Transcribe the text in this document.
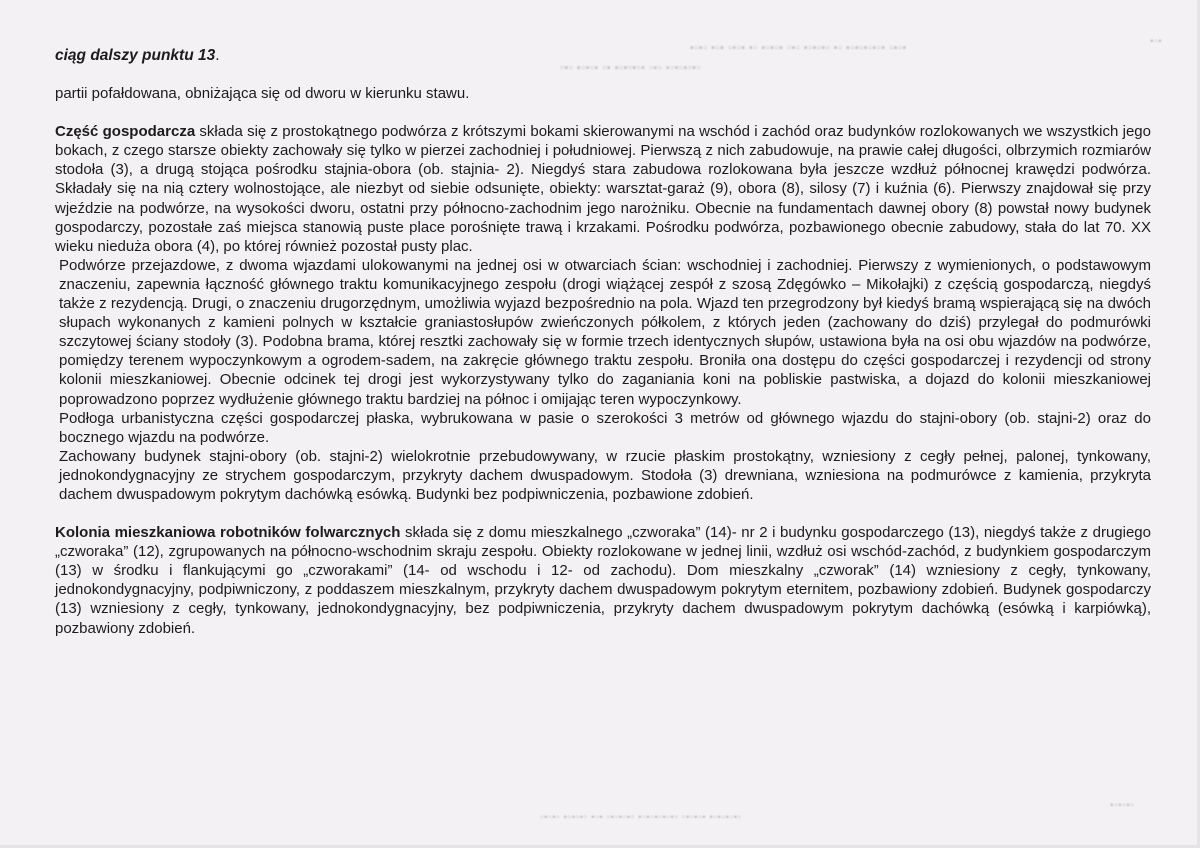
▪▫▪▫ ▪▫▪ ▫▪▫▪ ▪▫ ▪▫▪▫▪ ▫▪▫ ▪▫▪▫▪▫ ▪▫ ▪▫▪▫▪▫▪▫▪ ▫▪▫▪
▫▪▫ ▪▫▪▫▪ ▫▪ ▪▫▪▫▪▫▪ ▫▪▫ ▪▫▪▫▪▫▪▫
▪▫▪
▫▪▫▪▫ ▪▫▪▫▪▫ ▪▫▪ ▫▪▫▪▫▪▫ ▪▫▪▫▪▫▪▫▪▫ ▫▪▫▪▫▪ ▪▫▪▫▪▫▪▫
▪▫▪▫▪▫
ciąg dalszy punktu 13.

partii pofałdowana, obniżająca się od dworu w kierunku stawu.

Część gospodarcza składa się z prostokątnego podwórza z krótszymi bokami skierowanymi na wschód i zachód oraz budynków rozlokowanych we wszystkich jego bokach, z czego starsze obiekty zachowały się tylko w pierzei zachodniej i południowej. Pierwszą z nich zabudowuje, na prawie całej długości, olbrzymich rozmiarów stodoła (3), a drugą stojąca pośrodku stajnia-obora (ob. stajnia- 2). Niegdyś stara zabudowa rozlokowana była jeszcze wzdłuż północnej krawędzi podwórza. Składały się na nią cztery wolnostojące, ale niezbyt od siebie odsunięte, obiekty: warsztat-garaż (9), obora (8), silosy (7) i kuźnia (6). Pierwszy znajdował się przy wjeździe na podwórze, na wysokości dworu, ostatni przy północno-zachodnim jego narożniku. Obecnie na fundamentach dawnej obory (8) powstał nowy budynek gospodarczy, pozostałe zaś miejsca stanowią puste place porośnięte trawą i krzakami. Pośrodku podwórza, pozbawionego obecnie zabudowy, stała do lat 70. XX wieku nieduża obora (4), po której również pozostał pusty plac.

Podwórze przejazdowe, z dwoma wjazdami ulokowanymi na jednej osi w otwarciach ścian: wschodniej i zachodniej. Pierwszy z wymienionych, o podstawowym znaczeniu, zapewnia łączność głównego traktu komunikacyjnego zespołu (drogi wiążącej zespół z szosą Zdęgówko – Mikołajki) z częścią gospodarczą, niegdyś także z rezydencją. Drugi, o znaczeniu drugorzędnym, umożliwia wyjazd bezpośrednio na pola. Wjazd ten przegrodzony był kiedyś bramą wspierającą się na dwóch słupach wykonanych z kamieni polnych w kształcie graniastosłupów zwieńczonych półkolem, z których jeden (zachowany do dziś) przylegał do podmurówki szczytowej ściany stodoły (3). Podobna brama, której resztki zachowały się w formie trzech identycznych słupów, ustawiona była na osi obu wjazdów na podwórze, pomiędzy terenem wypoczynkowym a ogrodem-sadem, na zakręcie głównego traktu zespołu. Broniła ona dostępu do części gospodarczej i rezydencji od strony kolonii mieszkaniowej. Obecnie odcinek tej drogi jest wykorzystywany tylko do zaganiania koni na pobliskie pastwiska, a dojazd do kolonii mieszkaniowej poprowadzono poprzez wydłużenie głównego traktu bardziej na północ i omijając teren wypoczynkowy.

Podłoga urbanistyczna części gospodarczej płaska, wybrukowana w pasie o szerokości 3 metrów od głównego wjazdu do stajni-obory (ob. stajni-2) oraz do bocznego wjazdu na podwórze.

Zachowany budynek stajni-obory (ob. stajni-2) wielokrotnie przebudowywany, w rzucie płaskim prostokątny, wzniesiony z cegły pełnej, palonej, tynkowany, jednokondygnacyjny ze strychem gospodarczym, przykryty dachem dwuspadowym. Stodoła (3) drewniana, wzniesiona na podmurówce z kamienia, przykryta dachem dwuspadowym pokrytym dachówką esówką. Budynki bez podpiwniczenia, pozbawione zdobień.

Kolonia mieszkaniowa robotników folwarcznych składa się z domu mieszkalnego „czworaka” (14)- nr 2 i budynku gospodarczego (13), niegdyś także z drugiego „czworaka” (12), zgrupowanych na północno-wschodnim skraju zespołu. Obiekty rozlokowane w jednej linii, wzdłuż osi wschód-zachód, z budynkiem gospodarczym (13) w środku i flankującymi go „czworakami” (14- od wschodu i 12- od zachodu). Dom mieszkalny „czworak” (14) wzniesiony z cegły, tynkowany, jednokondygnacyjny, podpiwniczony, z poddaszem mieszkalnym, przykryty dachem dwuspadowym pokrytym eternitem, pozbawiony zdobień. Budynek gospodarczy (13) wzniesiony z cegły, tynkowany, jednokondygnacyjny, bez podpiwniczenia, przykryty dachem dwuspadowym pokrytym dachówką (esówką i karpiówką), pozbawiony zdobień.
